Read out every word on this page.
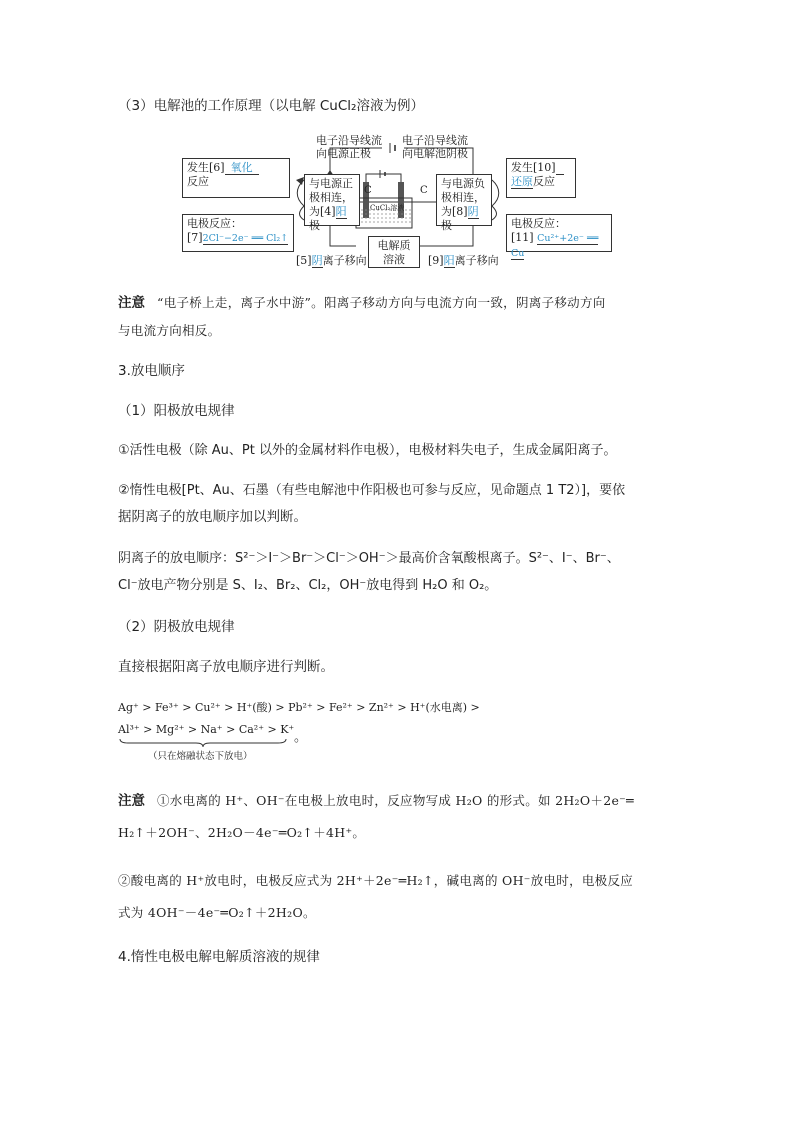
（3）电解池的工作原理（以电解 CuCl₂溶液为例）
电子沿导线流
向电源正极
电子沿导线流
向电解池阴极
发生[6] 氧化
反应	与电源正
极相连，
为[4]阳极
C	C
CuCl₂溶液
与电源负
极相连，
为[8]阴极
发生[10]
还原反应
电极反应：
[7]2Cl⁻−2e⁻ ══ Cl₂↑
电极反应：
[11] Cu²⁺+2e⁻ ══ Cu
电解质
溶液
[5]阴离子移向	[9]阳离子移向
注意 “电子桥上走，离子水中游”。阳离子移动方向与电流方向一致，阴离子移动方向
与电流方向相反。
3.放电顺序
（1）阳极放电规律
①活性电极（除 Au、Pt 以外的金属材料作电极），电极材料失电子，生成金属阳离子。
②惰性电极[Pt、Au、石墨（有些电解池中作阳极也可参与反应，见命题点 1 T2）]，要依
据阴离子的放电顺序加以判断。
阴离子的放电顺序：S²⁻＞I⁻＞Br⁻＞Cl⁻＞OH⁻＞最高价含氧酸根离子。S²⁻、I⁻、Br⁻、
Cl⁻放电产物分别是 S、I₂、Br₂、Cl₂，OH⁻放电得到 H₂O 和 O₂。
（2）阴极放电规律
直接根据阳离子放电顺序进行判断。
Ag⁺ > Fe³⁺ > Cu²⁺ > H⁺(酸) > Pb²⁺ > Fe²⁺ > Zn²⁺ > H⁺(水电离) >
Al³⁺ > Mg²⁺ > Na⁺ > Ca²⁺ > K⁺
。
（只在熔融状态下放电）
注意 ①水电离的 H⁺、OH⁻在电极上放电时，反应物写成 H₂O 的形式。如 2H₂O＋2e⁻═
H₂↑＋2OH⁻、2H₂O－4e⁻═O₂↑＋4H⁺。
②酸电离的 H⁺放电时，电极反应式为 2H⁺＋2e⁻═H₂↑，碱电离的 OH⁻放电时，电极反应
式为 4OH⁻－4e⁻═O₂↑＋2H₂O。
4.惰性电极电解电解质溶液的规律
